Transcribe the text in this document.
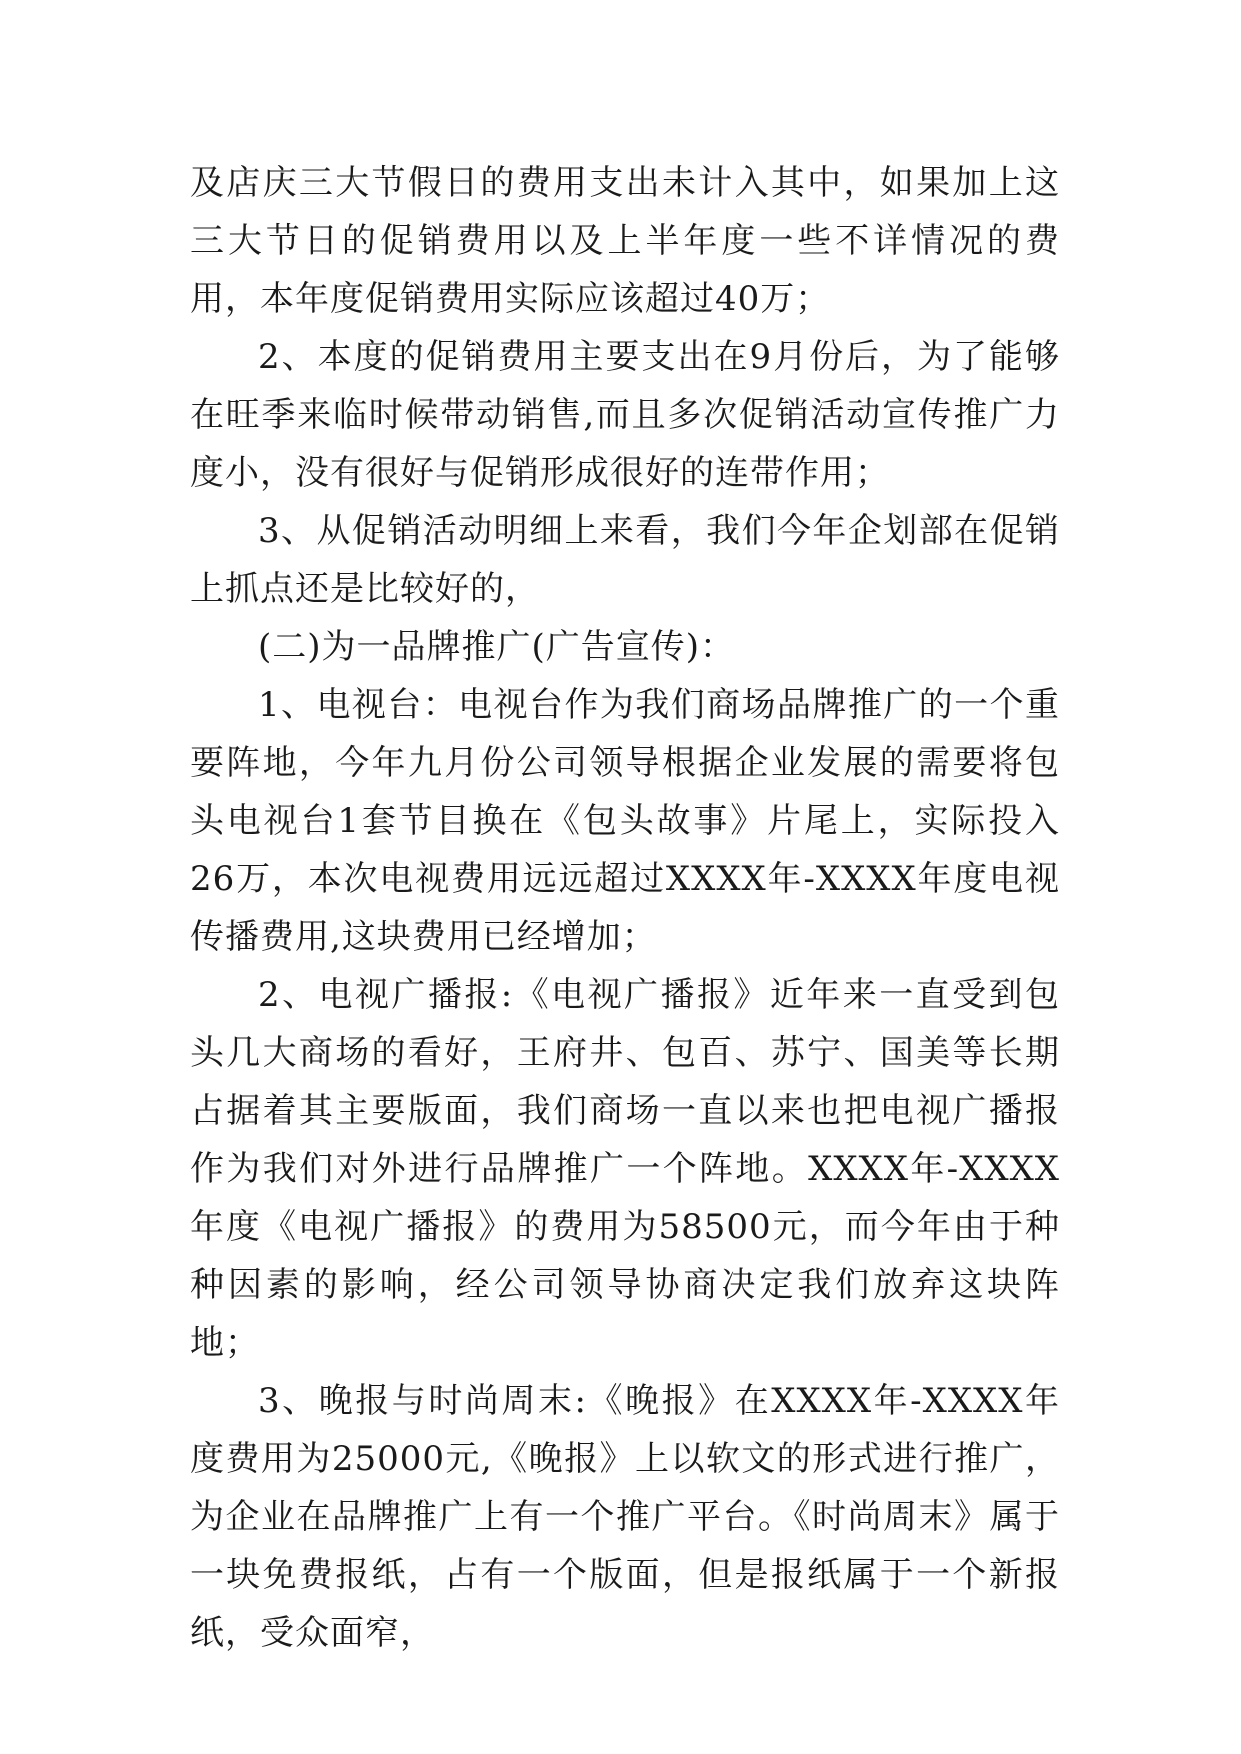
及店庆三大节假日的费用支出未计入其中，如果加上这三大节日的促销费用以及上半年度一些不详情况的费用，本年度促销费用实际应该超过40万；

2、本度的促销费用主要支出在9月份后，为了能够在旺季来临时候带动销售,而且多次促销活动宣传推广力度小，没有很好与促销形成很好的连带作用；

3、从促销活动明细上来看，我们今年企划部在促销上抓点还是比较好的，

(二)为一品牌推广(广告宣传)：

1、电视台：电视台作为我们商场品牌推广的一个重要阵地，今年九月份公司领导根据企业发展的需要将包头电视台1套节目换在《包头故事》片尾上，实际投入26万，本次电视费用远远超过XXXX年-XXXX年度电视传播费用,这块费用已经增加；

2、电视广播报:《电视广播报》近年来一直受到包头几大商场的看好，王府井、包百、苏宁、国美等长期占据着其主要版面，我们商场一直以来也把电视广播报作为我们对外进行品牌推广一个阵地。XXXX年-XXXX年度《电视广播报》的费用为58500元，而今年由于种种因素的影响，经公司领导协商决定我们放弃这块阵地；

3、晚报与时尚周末:《晚报》在XXXX年-XXXX年度费用为25000元,《晚报》上以软文的形式进行推广，为企业在品牌推广上有一个推广平台。《时尚周末》属于一块免费报纸，占有一个版面，但是报纸属于一个新报纸，受众面窄，
